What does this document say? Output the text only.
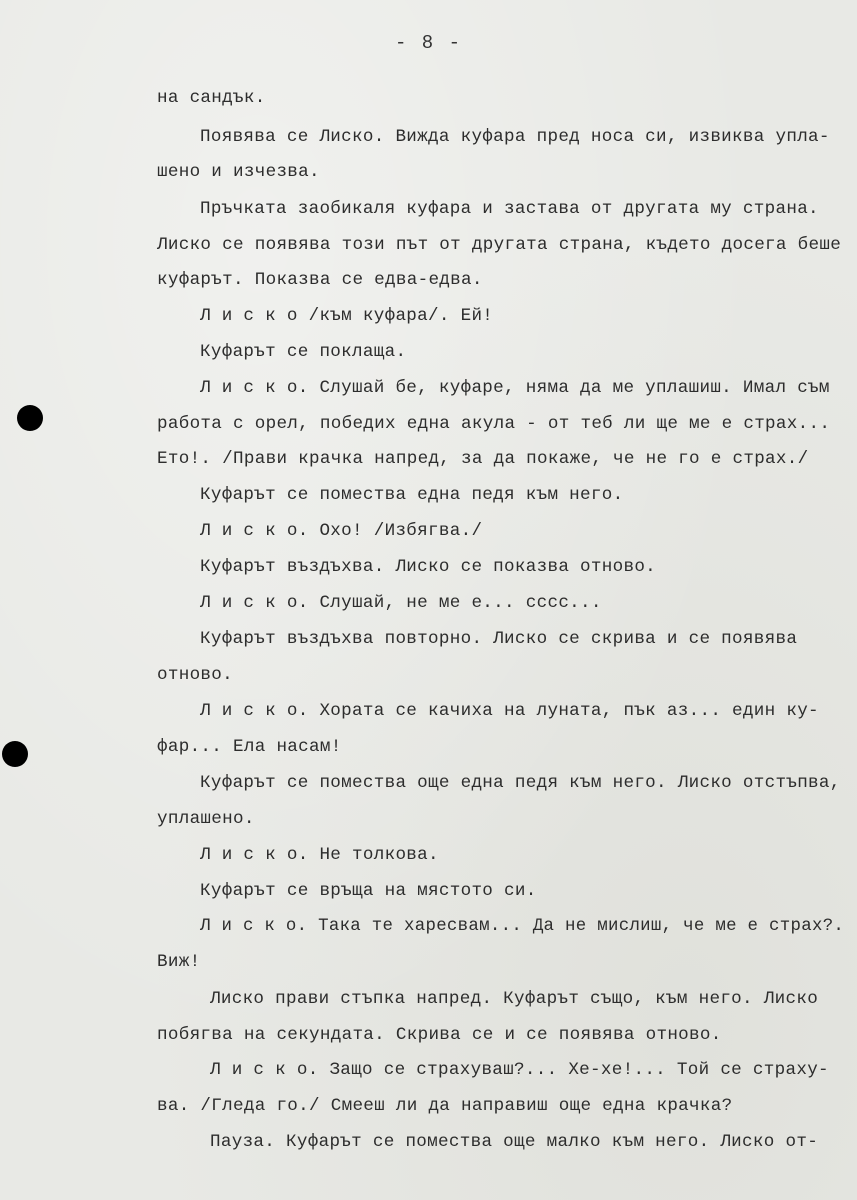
- 8 -
на сандък.
Появява се Лиско. Вижда куфара пред носа си, извиква упла-
шено и изчезва.
Пръчката заобикаля куфара и застава от другата му страна.
Лиско се появява този път от другата страна, където досега беше
куфарът. Показва се едва-едва.
Л и с к о /към куфара/. Ей!
Куфарът се поклаща.
Л и с к о. Слушай бе, куфаре, няма да ме уплашиш. Имал съм
работа с орел, победих една акула - от теб ли ще ме е страх...
Ето!. /Прави крачка напред, за да покаже, че не го е страх./
Куфарът се помества една педя към него.
Л и с к о. Охо! /Избягва./
Куфарът въздъхва. Лиско се показва отново.
Л и с к о. Слушай, не ме е... сссс...
Куфарът въздъхва повторно. Лиско се скрива и се появява
отново.
Л и с к о. Хората се качиха на луната, пък аз... един ку-
фар... Ела насам!
Куфарът се помества още една педя към него. Лиско отстъпва,
уплашено.
Л и с к о. Не толкова.
Куфарът се връща на мястото си.
Л и с к о. Така те харесвам... Да не мислиш, че ме е страх?.
Виж!
Лиско прави стъпка напред. Куфарът също, към него. Лиско
побягва на секундата. Скрива се и се появява отново.
Л и с к о. Защо се страхуваш?... Хе-хе!... Той се страху-
ва. /Гледа го./ Смееш ли да направиш още една крачка?
Пауза. Куфарът се помества още малко към него. Лиско от-
